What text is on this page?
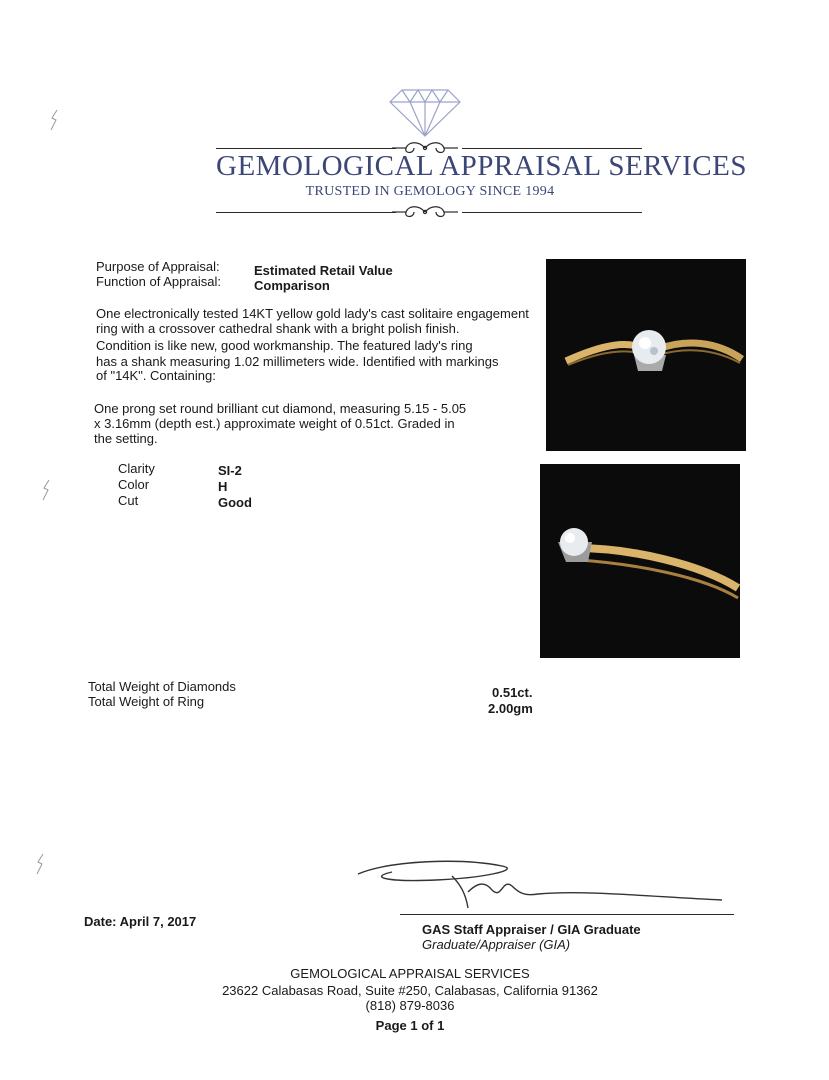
GEMOLOGICAL APPRAISAL SERVICES
TRUSTED IN GEMOLOGY SINCE 1994
Purpose of Appraisal:	Estimated Retail Value
Function of Appraisal:	Comparison
One electronically tested 14KT yellow gold lady's cast solitaire engagement
ring with a crossover cathedral shank with a bright polish finish.
Condition is like new, good workmanship. The featured lady's ring
has a shank measuring 1.02 millimeters wide. Identified with markings
of "14K". Containing:
One prong set round brilliant cut diamond, measuring 5.15 - 5.05
x 3.16mm (depth est.) approximate weight of 0.51ct. Graded in
the setting.
Clarity	SI-2
Color	H
Cut	Good
Total Weight of Diamonds	0.51ct.
Total Weight of Ring	2.00gm
Date: April 7, 2017
GAS Staff Appraiser / GIA Graduate
Graduate/Appraiser (GIA)
GEMOLOGICAL APPRAISAL SERVICES
23622 Calabasas Road, Suite #250, Calabasas, California 91362
(818) 879-8036
Page 1 of 1
